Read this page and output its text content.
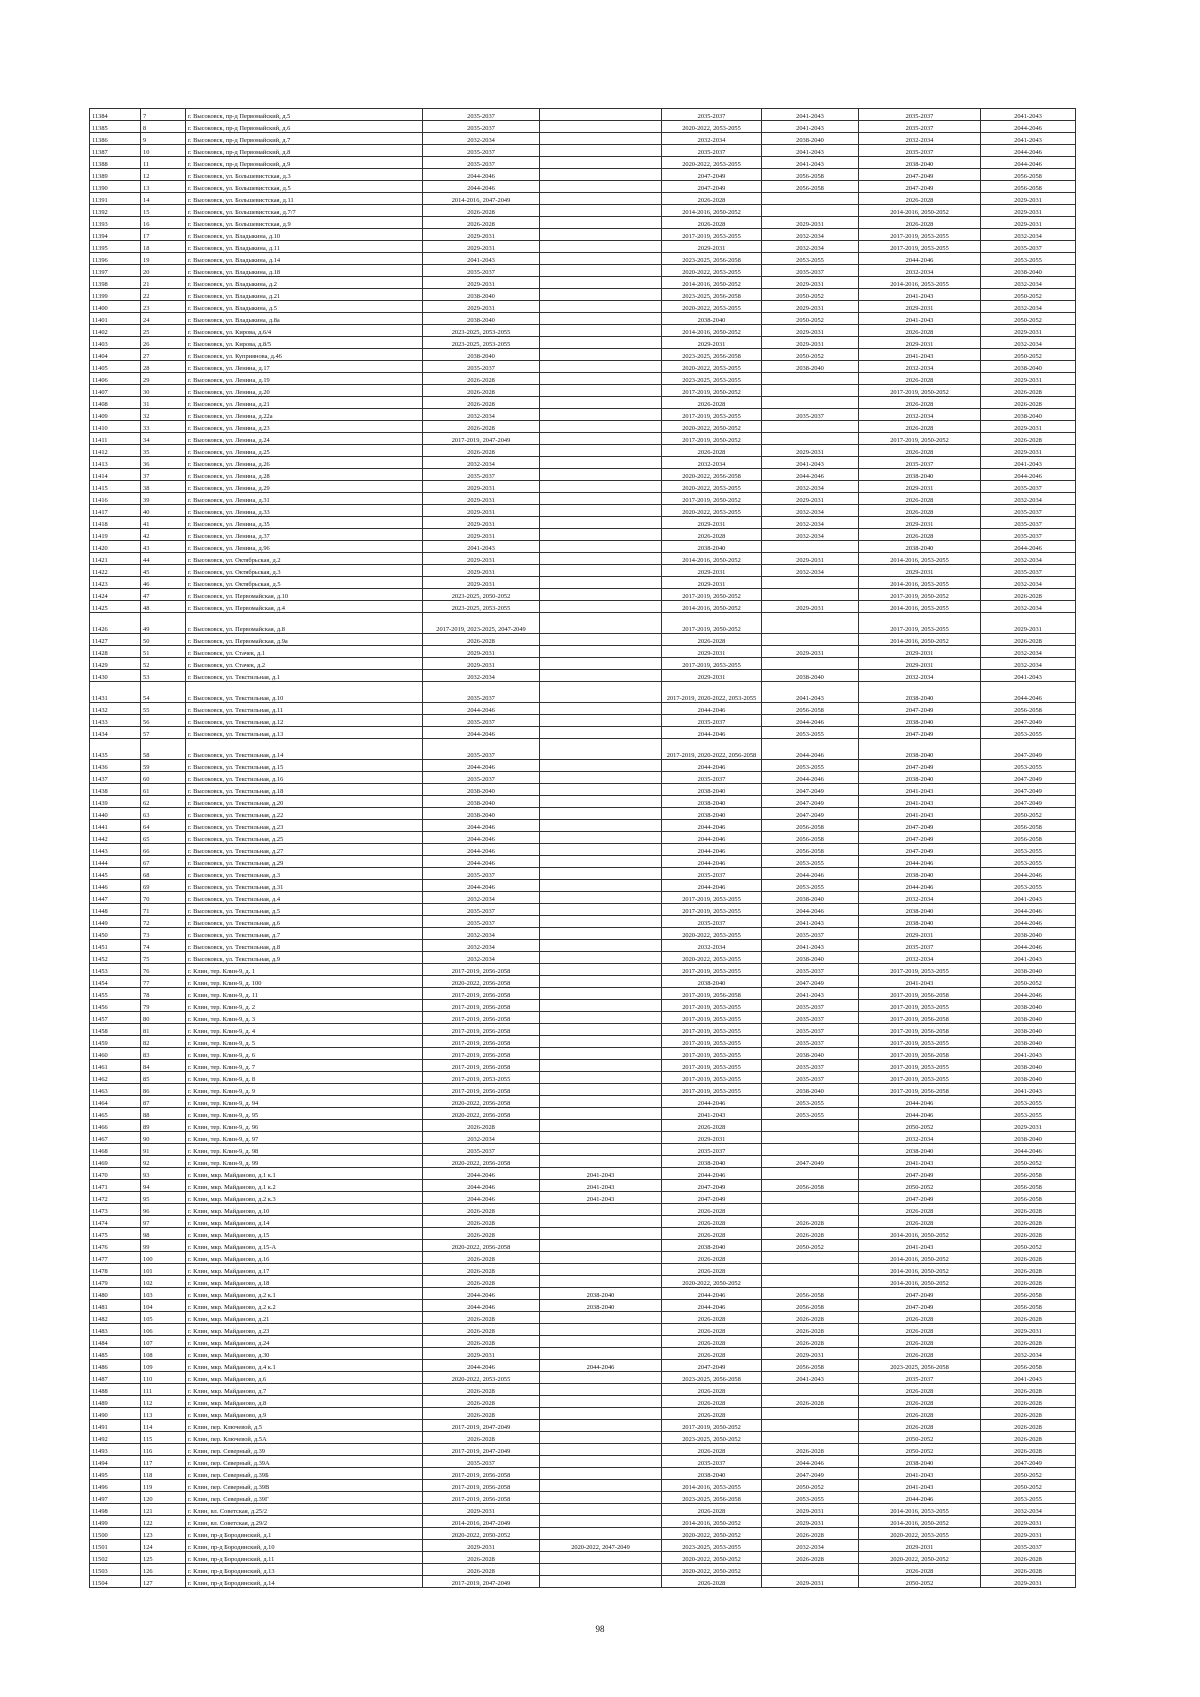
11384	7	г. Высоковск, пр-д Первомайский, д.5	2035-2037		2035-2037	2041-2043	2035-2037	2041-2043
11385	8	г. Высоковск, пр-д Первомайский, д.6	2035-2037		2020-2022, 2053-2055	2041-2043	2035-2037	2044-2046
11386	9	г. Высоковск, пр-д Первомайский, д.7	2032-2034		2032-2034	2038-2040	2032-2034	2041-2043
11387	10	г. Высоковск, пр-д Первомайский, д.8	2035-2037		2035-2037	2041-2043	2035-2037	2044-2046
11388	11	г. Высоковск, пр-д Первомайский, д.9	2035-2037		2020-2022, 2053-2055	2041-2043	2038-2040	2044-2046
11389	12	г. Высоковск, ул. Большевистская, д.3	2044-2046		2047-2049	2056-2058	2047-2049	2056-2058
11390	13	г. Высоковск, ул. Большевистская, д.5	2044-2046		2047-2049	2056-2058	2047-2049	2056-2058
11391	14	г. Высоковск, ул. Большевистская, д.11	2014-2016, 2047-2049		2026-2028		2026-2028	2029-2031
11392	15	г. Высоковск, ул. Большевистская, д.7/7	2026-2028		2014-2016, 2050-2052		2014-2016, 2050-2052	2029-2031
11393	16	г. Высоковск, ул. Большевистская, д.9	2026-2028		2026-2028	2029-2031	2026-2028	2029-2031
11394	17	г. Высоковск, ул. Владыкина, д.10	2029-2031		2017-2019, 2053-2055	2032-2034	2017-2019, 2053-2055	2032-2034
11395	18	г. Высоковск, ул. Владыкина, д.11	2029-2031		2029-2031	2032-2034	2017-2019, 2053-2055	2035-2037
11396	19	г. Высоковск, ул. Владыкина, д.14	2041-2043		2023-2025, 2056-2058	2053-2055	2044-2046	2053-2055
11397	20	г. Высоковск, ул. Владыкина, д.18	2035-2037		2020-2022, 2053-2055	2035-2037	2032-2034	2038-2040
11398	21	г. Высоковск, ул. Владыкина, д.2	2029-2031		2014-2016, 2050-2052	2029-2031	2014-2016, 2053-2055	2032-2034
11399	22	г. Высоковск, ул. Владыкина, д.21	2038-2040		2023-2025, 2056-2058	2050-2052	2041-2043	2050-2052
11400	23	г. Высоковск, ул. Владыкина, д.5	2029-2031		2020-2022, 2053-2055	2029-2031	2029-2031	2032-2034
11401	24	г. Высоковск, ул. Владыкина, д.8а	2038-2040		2038-2040	2050-2052	2041-2043	2050-2052
11402	25	г. Высоковск, ул. Кирова, д.6/4	2023-2025, 2053-2055		2014-2016, 2050-2052	2029-2031	2026-2028	2029-2031
11403	26	г. Высоковск, ул. Кирова, д.8/5	2023-2025, 2053-2055		2029-2031	2029-2031	2029-2031	2032-2034
11404	27	г. Высоковск, ул. Куприянова, д.46	2038-2040		2023-2025, 2056-2058	2050-2052	2041-2043	2050-2052
11405	28	г. Высоковск, ул. Ленина, д.17	2035-2037		2020-2022, 2053-2055	2038-2040	2032-2034	2038-2040
11406	29	г. Высоковск, ул. Ленина, д.19	2026-2028		2023-2025, 2053-2055		2026-2028	2029-2031
11407	30	г. Высоковск, ул. Ленина, д.20	2026-2028		2017-2019, 2050-2052		2017-2019, 2050-2052	2026-2028
11408	31	г. Высоковск, ул. Ленина, д.21	2026-2028		2026-2028		2026-2028	2026-2028
11409	32	г. Высоковск, ул. Ленина, д.22а	2032-2034		2017-2019, 2053-2055	2035-2037	2032-2034	2038-2040
11410	33	г. Высоковск, ул. Ленина, д.23	2026-2028		2020-2022, 2050-2052		2026-2028	2029-2031
11411	34	г. Высоковск, ул. Ленина, д.24	2017-2019, 2047-2049		2017-2019, 2050-2052		2017-2019, 2050-2052	2026-2028
11412	35	г. Высоковск, ул. Ленина, д.25	2026-2028		2026-2028	2029-2031	2026-2028	2029-2031
11413	36	г. Высоковск, ул. Ленина, д.26	2032-2034		2032-2034	2041-2043	2035-2037	2041-2043
11414	37	г. Высоковск, ул. Ленина, д.28	2035-2037		2020-2022, 2056-2058	2044-2046	2038-2040	2044-2046
11415	38	г. Высоковск, ул. Ленина, д.29	2029-2031		2020-2022, 2053-2055	2032-2034	2029-2031	2035-2037
11416	39	г. Высоковск, ул. Ленина, д.31	2029-2031		2017-2019, 2050-2052	2029-2031	2026-2028	2032-2034
11417	40	г. Высоковск, ул. Ленина, д.33	2029-2031		2020-2022, 2053-2055	2032-2034	2026-2028	2035-2037
11418	41	г. Высоковск, ул. Ленина, д.35	2029-2031		2029-2031	2032-2034	2029-2031	2035-2037
11419	42	г. Высоковск, ул. Ленина, д.37	2029-2031		2026-2028	2032-2034	2026-2028	2035-2037
11420	43	г. Высоковск, ул. Ленина, д.96	2041-2043		2038-2040		2038-2040	2044-2046
11421	44	г. Высоковск, ул. Октябрьская, д.2	2029-2031		2014-2016, 2050-2052	2029-2031	2014-2016, 2053-2055	2032-2034
11422	45	г. Высоковск, ул. Октябрьская, д.3	2029-2031		2029-2031	2032-2034	2029-2031	2035-2037
11423	46	г. Высоковск, ул. Октябрьская, д.5	2029-2031		2029-2031		2014-2016, 2053-2055	2032-2034
11424	47	г. Высоковск, ул. Первомайская, д.10	2023-2025, 2050-2052		2017-2019, 2050-2052		2017-2019, 2050-2052	2026-2028
11425	48	г. Высоковск, ул. Первомайская, д.4	2023-2025, 2053-2055		2014-2016, 2050-2052	2029-2031	2014-2016, 2053-2055	2032-2034
11426	49	г. Высоковск, ул. Первомайская, д.8	2017-2019, 2023-2025, 2047-2049		2017-2019, 2050-2052		2017-2019, 2053-2055	2029-2031
11427	50	г. Высоковск, ул. Первомайская, д.9а	2026-2028		2026-2028		2014-2016, 2050-2052	2026-2028
11428	51	г. Высоковск, ул. Стачек, д.1	2029-2031		2029-2031	2029-2031	2029-2031	2032-2034
11429	52	г. Высоковск, ул. Стачек, д.2	2029-2031		2017-2019, 2053-2055		2029-2031	2032-2034
11430	53	г. Высоковск, ул. Текстильная, д.1	2032-2034		2029-2031	2038-2040	2032-2034	2041-2043
11431	54	г. Высоковск, ул. Текстильная, д.10	2035-2037		2017-2019, 2020-2022, 2053-2055	2041-2043	2038-2040	2044-2046
11432	55	г. Высоковск, ул. Текстильная, д.11	2044-2046		2044-2046	2056-2058	2047-2049	2056-2058
11433	56	г. Высоковск, ул. Текстильная, д.12	2035-2037		2035-2037	2044-2046	2038-2040	2047-2049
11434	57	г. Высоковск, ул. Текстильная, д.13	2044-2046		2044-2046	2053-2055	2047-2049	2053-2055
11435	58	г. Высоковск, ул. Текстильная, д.14	2035-2037		2017-2019, 2020-2022, 2056-2058	2044-2046	2038-2040	2047-2049
11436	59	г. Высоковск, ул. Текстильная, д.15	2044-2046		2044-2046	2053-2055	2047-2049	2053-2055
11437	60	г. Высоковск, ул. Текстильная, д.16	2035-2037		2035-2037	2044-2046	2038-2040	2047-2049
11438	61	г. Высоковск, ул. Текстильная, д.18	2038-2040		2038-2040	2047-2049	2041-2043	2047-2049
11439	62	г. Высоковск, ул. Текстильная, д.20	2038-2040		2038-2040	2047-2049	2041-2043	2047-2049
11440	63	г. Высоковск, ул. Текстильная, д.22	2038-2040		2038-2040	2047-2049	2041-2043	2050-2052
11441	64	г. Высоковск, ул. Текстильная, д.23	2044-2046		2044-2046	2056-2058	2047-2049	2056-2058
11442	65	г. Высоковск, ул. Текстильная, д.25	2044-2046		2044-2046	2056-2058	2047-2049	2056-2058
11443	66	г. Высоковск, ул. Текстильная, д.27	2044-2046		2044-2046	2056-2058	2047-2049	2053-2055
11444	67	г. Высоковск, ул. Текстильная, д.29	2044-2046		2044-2046	2053-2055	2044-2046	2053-2055
11445	68	г. Высоковск, ул. Текстильная, д.3	2035-2037		2035-2037	2044-2046	2038-2040	2044-2046
11446	69	г. Высоковск, ул. Текстильная, д.31	2044-2046		2044-2046	2053-2055	2044-2046	2053-2055
11447	70	г. Высоковск, ул. Текстильная, д.4	2032-2034		2017-2019, 2053-2055	2038-2040	2032-2034	2041-2043
11448	71	г. Высоковск, ул. Текстильная, д.5	2035-2037		2017-2019, 2053-2055	2044-2046	2038-2040	2044-2046
11449	72	г. Высоковск, ул. Текстильная, д.6	2035-2037		2035-2037	2041-2043	2038-2040	2044-2046
11450	73	г. Высоковск, ул. Текстильная, д.7	2032-2034		2020-2022, 2053-2055	2035-2037	2029-2031	2038-2040
11451	74	г. Высоковск, ул. Текстильная, д.8	2032-2034		2032-2034	2041-2043	2035-2037	2044-2046
11452	75	г. Высоковск, ул. Текстильная, д.9	2032-2034		2020-2022, 2053-2055	2038-2040	2032-2034	2041-2043
11453	76	г. Клин, тер. Клин-9, д. 1	2017-2019, 2056-2058		2017-2019, 2053-2055	2035-2037	2017-2019, 2053-2055	2038-2040
11454	77	г. Клин, тер. Клин-9, д. 100	2020-2022, 2056-2058		2038-2040	2047-2049	2041-2043	2050-2052
11455	78	г. Клин, тер. Клин-9, д. 11	2017-2019, 2056-2058		2017-2019, 2056-2058	2041-2043	2017-2019, 2056-2058	2044-2046
11456	79	г. Клин, тер. Клин-9, д. 2	2017-2019, 2056-2058		2017-2019, 2053-2055	2035-2037	2017-2019, 2053-2055	2038-2040
11457	80	г. Клин, тер. Клин-9, д. 3	2017-2019, 2056-2058		2017-2019, 2053-2055	2035-2037	2017-2019, 2056-2058	2038-2040
11458	81	г. Клин, тер. Клин-9, д. 4	2017-2019, 2056-2058		2017-2019, 2053-2055	2035-2037	2017-2019, 2056-2058	2038-2040
11459	82	г. Клин, тер. Клин-9, д. 5	2017-2019, 2056-2058		2017-2019, 2053-2055	2035-2037	2017-2019, 2053-2055	2038-2040
11460	83	г. Клин, тер. Клин-9, д. 6	2017-2019, 2056-2058		2017-2019, 2053-2055	2038-2040	2017-2019, 2056-2058	2041-2043
11461	84	г. Клин, тер. Клин-9, д. 7	2017-2019, 2056-2058		2017-2019, 2053-2055	2035-2037	2017-2019, 2053-2055	2038-2040
11462	85	г. Клин, тер. Клин-9, д. 8	2017-2019, 2053-2055		2017-2019, 2053-2055	2035-2037	2017-2019, 2053-2055	2038-2040
11463	86	г. Клин, тер. Клин-9, д. 9	2017-2019, 2056-2058		2017-2019, 2053-2055	2038-2040	2017-2019, 2056-2058	2041-2043
11464	87	г. Клин, тер. Клин-9, д. 94	2020-2022, 2056-2058		2044-2046	2053-2055	2044-2046	2053-2055
11465	88	г. Клин, тер. Клин-9, д. 95	2020-2022, 2056-2058		2041-2043	2053-2055	2044-2046	2053-2055
11466	89	г. Клин, тер. Клин-9, д. 96	2026-2028		2026-2028		2050-2052	2029-2031
11467	90	г. Клин, тер. Клин-9, д. 97	2032-2034		2029-2031		2032-2034	2038-2040
11468	91	г. Клин, тер. Клин-9, д. 98	2035-2037		2035-2037		2038-2040	2044-2046
11469	92	г. Клин, тер. Клин-9, д. 99	2020-2022, 2056-2058		2038-2040	2047-2049	2041-2043	2050-2052
11470	93	г. Клин, мкр. Майданово, д.1 к.1	2044-2046	2041-2043	2044-2046		2047-2049	2056-2058
11471	94	г. Клин, мкр. Майданово, д.1 к.2	2044-2046	2041-2043	2047-2049	2056-2058	2050-2052	2056-2058
11472	95	г. Клин, мкр. Майданово, д.2 к.3	2044-2046	2041-2043	2047-2049		2047-2049	2056-2058
11473	96	г. Клин, мкр. Майданово, д.10	2026-2028		2026-2028		2026-2028	2026-2028
11474	97	г. Клин, мкр. Майданово, д.14	2026-2028		2026-2028	2026-2028	2026-2028	2026-2028
11475	98	г. Клин, мкр. Майданово, д.15	2026-2028		2026-2028	2026-2028	2014-2016, 2050-2052	2026-2028
11476	99	г. Клин, мкр. Майданово, д.15-А	2020-2022, 2056-2058		2038-2040	2050-2052	2041-2043	2050-2052
11477	100	г. Клин, мкр. Майданово, д.16	2026-2028		2026-2028		2014-2016, 2050-2052	2026-2028
11478	101	г. Клин, мкр. Майданово, д.17	2026-2028		2026-2028		2014-2016, 2050-2052	2026-2028
11479	102	г. Клин, мкр. Майданово, д.18	2026-2028		2020-2022, 2050-2052		2014-2016, 2050-2052	2026-2028
11480	103	г. Клин, мкр. Майданово, д.2 к.1	2044-2046	2038-2040	2044-2046	2056-2058	2047-2049	2056-2058
11481	104	г. Клин, мкр. Майданово, д.2 к.2	2044-2046	2038-2040	2044-2046	2056-2058	2047-2049	2056-2058
11482	105	г. Клин, мкр. Майданово, д.21	2026-2028		2026-2028	2026-2028	2026-2028	2026-2028
11483	106	г. Клин, мкр. Майданово, д.23	2026-2028		2026-2028	2026-2028	2026-2028	2029-2031
11484	107	г. Клин, мкр. Майданово, д.24	2026-2028		2026-2028	2026-2028	2026-2028	2026-2028
11485	108	г. Клин, мкр. Майданово, д.30	2029-2031		2026-2028	2029-2031	2026-2028	2032-2034
11486	109	г. Клин, мкр. Майданово, д.4 к.1	2044-2046	2044-2046	2047-2049	2056-2058	2023-2025, 2056-2058	2056-2058
11487	110	г. Клин, мкр. Майданово, д.6	2020-2022, 2053-2055		2023-2025, 2056-2058	2041-2043	2035-2037	2041-2043
11488	111	г. Клин, мкр. Майданово, д.7	2026-2028		2026-2028		2026-2028	2026-2028
11489	112	г. Клин, мкр. Майданово, д.8	2026-2028		2026-2028	2026-2028	2026-2028	2026-2028
11490	113	г. Клин, мкр. Майданово, д.9	2026-2028		2026-2028		2026-2028	2026-2028
11491	114	г. Клин, пер. Ключевой, д.5	2017-2019, 2047-2049		2017-2019, 2050-2052		2026-2028	2026-2028
11492	115	г. Клин, пер. Ключевой, д.5А	2026-2028		2023-2025, 2050-2052		2050-2052	2026-2028
11493	116	г. Клин, пер. Северный, д.39	2017-2019, 2047-2049		2026-2028	2026-2028	2050-2052	2026-2028
11494	117	г. Клин, пер. Северный, д.39А	2035-2037		2035-2037	2044-2046	2038-2040	2047-2049
11495	118	г. Клин, пер. Северный, д.39Б	2017-2019, 2056-2058		2038-2040	2047-2049	2041-2043	2050-2052
11496	119	г. Клин, пер. Северный, д.39В	2017-2019, 2056-2058		2014-2016, 2053-2055	2050-2052	2041-2043	2050-2052
11497	120	г. Клин, пер. Северный, д.39Г	2017-2019, 2056-2058		2023-2025, 2056-2058	2053-2055	2044-2046	2053-2055
11498	121	г. Клин, вл. Советская, д.25/2	2029-2031		2026-2028	2029-2031	2014-2016, 2053-2055	2032-2034
11499	122	г. Клин, вл. Советская, д.29/2	2014-2016, 2047-2049		2014-2016, 2050-2052	2029-2031	2014-2016, 2050-2052	2029-2031
11500	123	г. Клин, пр-д Бородинский, д.1	2020-2022, 2050-2052		2020-2022, 2050-2052	2026-2028	2020-2022, 2053-2055	2029-2031
11501	124	г. Клин, пр-д Бородинский, д.10	2029-2031	2020-2022, 2047-2049	2023-2025, 2053-2055	2032-2034	2029-2031	2035-2037
11502	125	г. Клин, пр-д Бородинский, д.11	2026-2028		2020-2022, 2050-2052	2026-2028	2020-2022, 2050-2052	2026-2028
11503	126	г. Клин, пр-д Бородинский, д.13	2026-2028		2020-2022, 2050-2052		2026-2028	2026-2028
11504	127	г. Клин, пр-д Бородинский, д.14	2017-2019, 2047-2049		2026-2028	2029-2031	2050-2052	2029-2031
98
